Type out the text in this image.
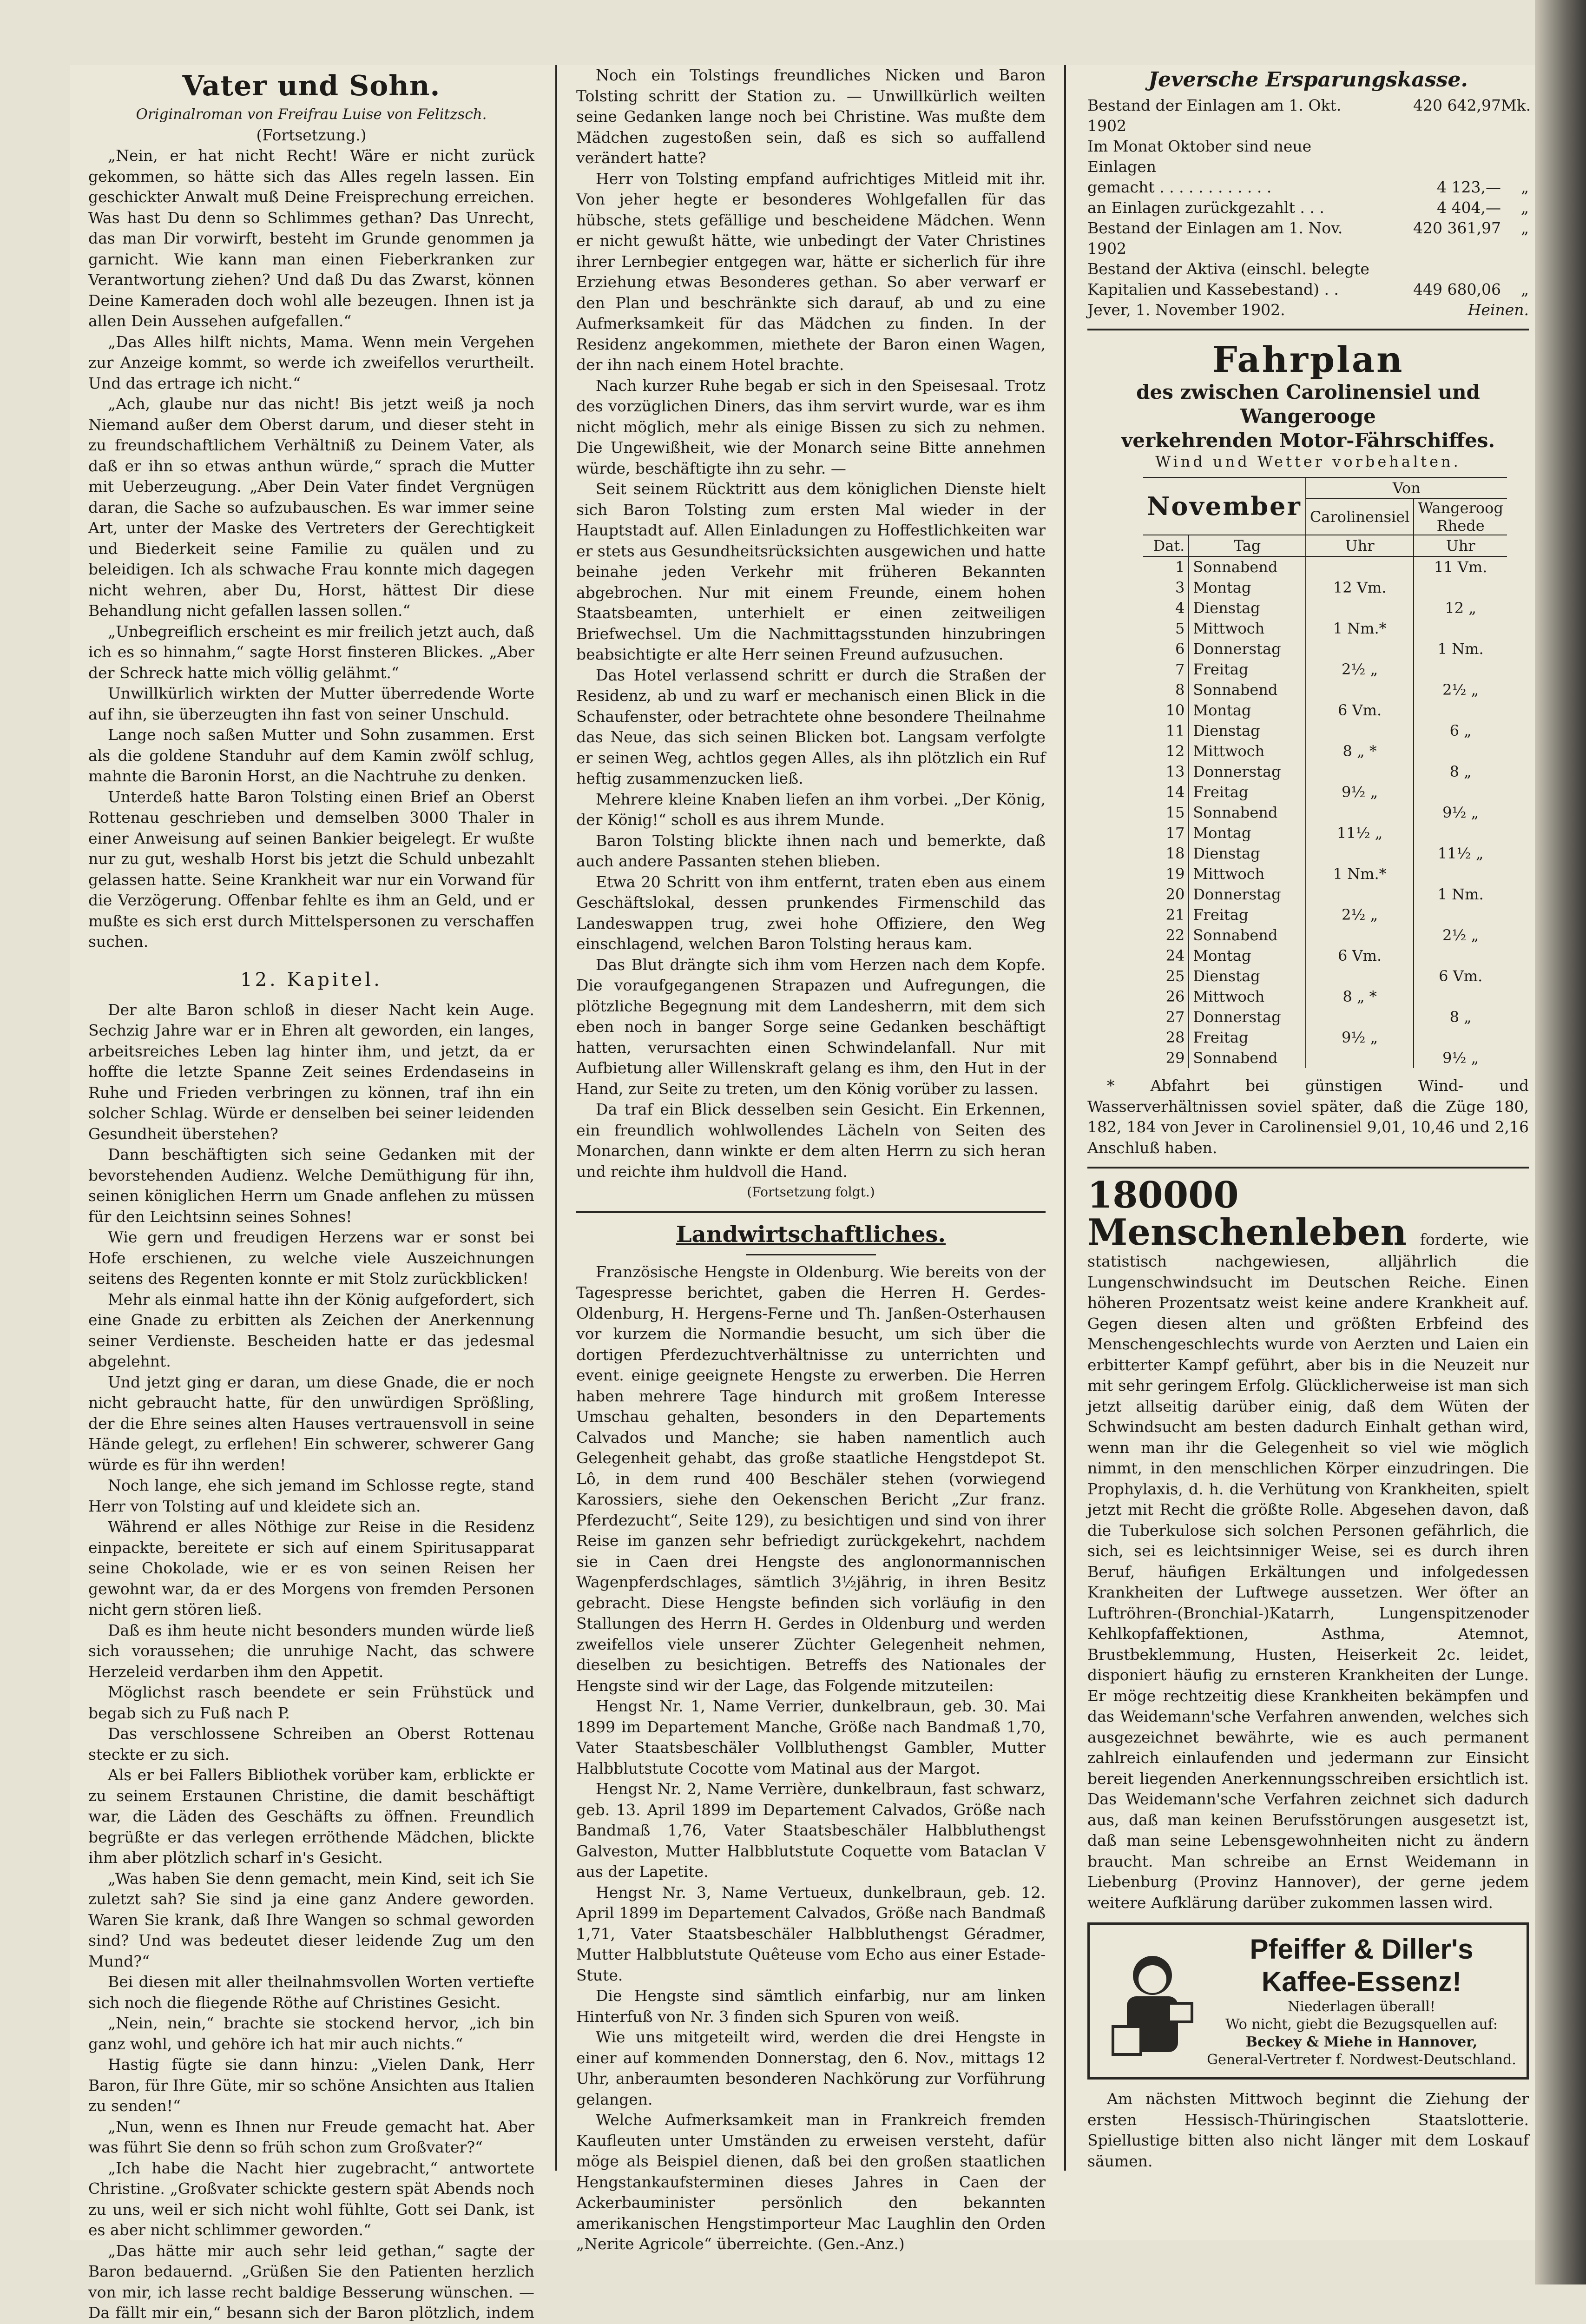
Vater und Sohn.

Originalroman von Freifrau Luise von Felitzsch.

(Fortsetzung.)

„Nein, er hat nicht Recht! Wäre er nicht zurück gekommen, so hätte sich das Alles regeln lassen. Ein geschickter Anwalt muß Deine Freisprechung erreichen. Was hast Du denn so Schlimmes gethan? Das Unrecht, das man Dir vorwirft, besteht im Grunde genommen ja garnicht. Wie kann man einen Fieberkranken zur Verantwortung ziehen? Und daß Du das Zwarst, können Deine Kameraden doch wohl alle bezeugen. Ihnen ist ja allen Dein Aussehen aufgefallen.“

„Das Alles hilft nichts, Mama. Wenn mein Vergehen zur Anzeige kommt, so werde ich zweifellos verurtheilt. Und das ertrage ich nicht.“

„Ach, glaube nur das nicht! Bis jetzt weiß ja noch Niemand außer dem Oberst darum, und dieser steht in zu freundschaftlichem Verhältniß zu Deinem Vater, als daß er ihn so etwas anthun würde,“ sprach die Mutter mit Ueberzeugung. „Aber Dein Vater findet Vergnügen daran, die Sache so aufzubauschen. Es war immer seine Art, unter der Maske des Vertreters der Gerechtigkeit und Biederkeit seine Familie zu quälen und zu beleidigen. Ich als schwache Frau konnte mich dagegen nicht wehren, aber Du, Horst, hättest Dir diese Behandlung nicht gefallen lassen sollen.“

„Unbegreiflich erscheint es mir freilich jetzt auch, daß ich es so hinnahm,“ sagte Horst finsteren Blickes. „Aber der Schreck hatte mich völlig gelähmt.“

Unwillkürlich wirkten der Mutter überredende Worte auf ihn, sie überzeugten ihn fast von seiner Unschuld.

Lange noch saßen Mutter und Sohn zusammen. Erst als die goldene Standuhr auf dem Kamin zwölf schlug, mahnte die Baronin Horst, an die Nachtruhe zu denken.

Unterdeß hatte Baron Tolsting einen Brief an Oberst Rottenau geschrieben und demselben 3000 Thaler in einer Anweisung auf seinen Bankier beigelegt. Er wußte nur zu gut, weshalb Horst bis jetzt die Schuld unbezahlt gelassen hatte. Seine Krankheit war nur ein Vorwand für die Verzögerung. Offenbar fehlte es ihm an Geld, und er mußte es sich erst durch Mittelspersonen zu verschaffen suchen.

12. Kapitel.

Der alte Baron schloß in dieser Nacht kein Auge. Sechzig Jahre war er in Ehren alt geworden, ein langes, arbeitsreiches Leben lag hinter ihm, und jetzt, da er hoffte die letzte Spanne Zeit seines Erdendaseins in Ruhe und Frieden verbringen zu können, traf ihn ein solcher Schlag. Würde er denselben bei seiner leidenden Gesundheit überstehen?

Dann beschäftigten sich seine Gedanken mit der bevorstehenden Audienz. Welche Demüthigung für ihn, seinen königlichen Herrn um Gnade anflehen zu müssen für den Leichtsinn seines Sohnes!

Wie gern und freudigen Herzens war er sonst bei Hofe erschienen, zu welche viele Auszeichnungen seitens des Regenten konnte er mit Stolz zurückblicken!

Mehr als einmal hatte ihn der König aufgefordert, sich eine Gnade zu erbitten als Zeichen der Anerkennung seiner Verdienste. Bescheiden hatte er das jedesmal abgelehnt.

Und jetzt ging er daran, um diese Gnade, die er noch nicht gebraucht hatte, für den unwürdigen Sprößling, der die Ehre seines alten Hauses vertrauensvoll in seine Hände gelegt, zu erflehen! Ein schwerer, schwerer Gang würde es für ihn werden!

Noch lange, ehe sich jemand im Schlosse regte, stand Herr von Tolsting auf und kleidete sich an.

Während er alles Nöthige zur Reise in die Residenz einpackte, bereitete er sich auf einem Spiritusapparat seine Chokolade, wie er es von seinen Reisen her gewohnt war, da er des Morgens von fremden Personen nicht gern stören ließ.

Daß es ihm heute nicht besonders munden würde ließ sich voraussehen; die unruhige Nacht, das schwere Herzeleid verdarben ihm den Appetit.

Möglichst rasch beendete er sein Frühstück und begab sich zu Fuß nach P.

Das verschlossene Schreiben an Oberst Rottenau steckte er zu sich.

Als er bei Fallers Bibliothek vorüber kam, erblickte er zu seinem Erstaunen Christine, die damit beschäftigt war, die Läden des Geschäfts zu öffnen. Freundlich begrüßte er das verlegen erröthende Mädchen, blickte ihm aber plötzlich scharf in's Gesicht.

„Was haben Sie denn gemacht, mein Kind, seit ich Sie zuletzt sah? Sie sind ja eine ganz Andere geworden. Waren Sie krank, daß Ihre Wangen so schmal geworden sind? Und was bedeutet dieser leidende Zug um den Mund?“

Bei diesen mit aller theilnahmsvollen Worten vertiefte sich noch die fliegende Röthe auf Christines Gesicht.

„Nein, nein,“ brachte sie stockend hervor, „ich bin ganz wohl, und gehöre ich hat mir auch nichts.“

Hastig fügte sie dann hinzu: „Vielen Dank, Herr Baron, für Ihre Güte, mir so schöne Ansichten aus Italien zu senden!“

„Nun, wenn es Ihnen nur Freude gemacht hat. Aber was führt Sie denn so früh schon zum Großvater?“

„Ich habe die Nacht hier zugebracht,“ antwortete Christine. „Großvater schickte gestern spät Abends noch zu uns, weil er sich nicht wohl fühlte, Gott sei Dank, ist es aber nicht schlimmer geworden.“

„Das hätte mir auch sehr leid gethan,“ sagte der Baron bedauernd. „Grüßen Sie den Patienten herzlich von mir, ich lasse recht baldige Besserung wünschen. — Da fällt mir ein,“ besann sich der Baron plötzlich, indem

Noch ein Tolstings freundliches Nicken und Baron Tolsting schritt der Station zu. — Unwillkürlich weilten seine Gedanken lange noch bei Christine. Was mußte dem Mädchen zugestoßen sein, daß es sich so auffallend verändert hatte?

Herr von Tolsting empfand aufrichtiges Mitleid mit ihr. Von jeher hegte er besonderes Wohlgefallen für das hübsche, stets gefällige und bescheidene Mädchen. Wenn er nicht gewußt hätte, wie unbedingt der Vater Christines ihrer Lernbegier entgegen war, hätte er sicherlich für ihre Erziehung etwas Besonderes gethan. So aber verwarf er den Plan und beschränkte sich darauf, ab und zu eine Aufmerksamkeit für das Mädchen zu finden. In der Residenz angekommen, miethete der Baron einen Wagen, der ihn nach einem Hotel brachte.

Nach kurzer Ruhe begab er sich in den Speisesaal. Trotz des vorzüglichen Diners, das ihm servirt wurde, war es ihm nicht möglich, mehr als einige Bissen zu sich zu nehmen. Die Ungewißheit, wie der Monarch seine Bitte annehmen würde, beschäftigte ihn zu sehr. —

Seit seinem Rücktritt aus dem königlichen Dienste hielt sich Baron Tolsting zum ersten Mal wieder in der Hauptstadt auf. Allen Einladungen zu Hoffestlichkeiten war er stets aus Gesundheitsrücksichten ausgewichen und hatte beinahe jeden Verkehr mit früheren Bekannten abgebrochen. Nur mit einem Freunde, einem hohen Staatsbeamten, unterhielt er einen zeitweiligen Briefwechsel. Um die Nachmittagsstunden hinzubringen beabsichtigte er alte Herr seinen Freund aufzusuchen.

Das Hotel verlassend schritt er durch die Straßen der Residenz, ab und zu warf er mechanisch einen Blick in die Schaufenster, oder betrachtete ohne besondere Theilnahme das Neue, das sich seinen Blicken bot. Langsam verfolgte er seinen Weg, achtlos gegen Alles, als ihn plötzlich ein Ruf heftig zusammenzucken ließ.

Mehrere kleine Knaben liefen an ihm vorbei. „Der König, der König!“ scholl es aus ihrem Munde.

Baron Tolsting blickte ihnen nach und bemerkte, daß auch andere Passanten stehen blieben.

Etwa 20 Schritt von ihm entfernt, traten eben aus einem Geschäftslokal, dessen prunkendes Firmenschild das Landeswappen trug, zwei hohe Offiziere, den Weg einschlagend, welchen Baron Tolsting heraus kam.

Das Blut drängte sich ihm vom Herzen nach dem Kopfe. Die voraufgegangenen Strapazen und Aufregungen, die plötzliche Begegnung mit dem Landesherrn, mit dem sich eben noch in banger Sorge seine Gedanken beschäftigt hatten, verursachten einen Schwindelanfall. Nur mit Aufbietung aller Willenskraft gelang es ihm, den Hut in der Hand, zur Seite zu treten, um den König vorüber zu lassen.

Da traf ein Blick desselben sein Gesicht. Ein Erkennen, ein freundlich wohlwollendes Lächeln von Seiten des Monarchen, dann winkte er dem alten Herrn zu sich heran und reichte ihm huldvoll die Hand.

(Fortsetzung folgt.)

Landwirtschaftliches.

Französische Hengste in Oldenburg. Wie bereits von der Tagespresse berichtet, gaben die Herren H. Gerdes-Oldenburg, H. Hergens-Ferne und Th. Janßen-Osterhausen vor kurzem die Normandie besucht, um sich über die dortigen Pferdezuchtverhältnisse zu unterrichten und event. einige geeignete Hengste zu erwerben. Die Herren haben mehrere Tage hindurch mit großem Interesse Umschau gehalten, besonders in den Departements Calvados und Manche; sie haben namentlich auch Gelegenheit gehabt, das große staatliche Hengstdepot St. Lô, in dem rund 400 Beschäler stehen (vorwiegend Karossiers, siehe den Oekenschen Bericht „Zur franz. Pferdezucht“, Seite 129), zu besichtigen und sind von ihrer Reise im ganzen sehr befriedigt zurückgekehrt, nachdem sie in Caen drei Hengste des anglonormannischen Wagenpferdschlages, sämtlich 3½jährig, in ihren Besitz gebracht. Diese Hengste befinden sich vorläufig in den Stallungen des Herrn H. Gerdes in Oldenburg und werden zweifellos viele unserer Züchter Gelegenheit nehmen, dieselben zu besichtigen. Betreffs des Nationales der Hengste sind wir der Lage, das Folgende mitzuteilen:

Hengst Nr. 1, Name Verrier, dunkelbraun, geb. 30. Mai 1899 im Departement Manche, Größe nach Bandmaß 1,70, Vater Staatsbeschäler Vollbluthengst Gambler, Mutter Halbblutstute Cocotte vom Matinal aus der Margot.

Hengst Nr. 2, Name Verrière, dunkelbraun, fast schwarz, geb. 13. April 1899 im Departement Calvados, Größe nach Bandmaß 1,76, Vater Staatsbeschäler Halbbluthengst Galveston, Mutter Halbblutstute Coquette vom Bataclan V aus der Lapetite.

Hengst Nr. 3, Name Vertueux, dunkelbraun, geb. 12. April 1899 im Departement Calvados, Größe nach Bandmaß 1,71, Vater Staatsbeschäler Halbbluthengst Géradmer, Mutter Halbblutstute Quêteuse vom Echo aus einer Estade-Stute.

Die Hengste sind sämtlich einfarbig, nur am linken Hinterfuß von Nr. 3 finden sich Spuren von weiß.

Wie uns mitgeteilt wird, werden die drei Hengste in einer auf kommenden Donnerstag, den 6. Nov., mittags 12 Uhr, anberaumten besonderen Nachkörung zur Vorführung gelangen.

Welche Aufmerksamkeit man in Frankreich fremden Kaufleuten unter Umständen zu erweisen versteht, dafür möge als Beispiel dienen, daß bei den großen staatlichen Hengstankaufsterminen dieses Jahres in Caen der Ackerbauminister persönlich den bekannten amerikanischen Hengstimporteur Mac Laughlin den Orden „Nerite Agricole“ überreichte. (Gen.-Anz.)

Jeversche Ersparungskasse.
Bestand der Einlagen am 1. Okt. 1902
420 642,97 Mk.
Im Monat Oktober sind neue Einlagen
gemacht . . . . . . . . . . . .	4 123,—	„
an Einlagen zurückgezahlt . . .	4 404,—	„
Bestand der Einlagen am 1. Nov. 1902
420 361,97	„
Bestand der Aktiva (einschl. belegte
Kapitalien und Kassebestand) . .	449 680,06	„
Jever, 1. November 1902.	Heinen.
Fahrplan
des zwischen Carolinensiel und Wangerooge
verkehrenden Motor-Fährschiffes.
Wind und Wetter vorbehalten.
November		Von	
		Carolinensiel	Wangeroog Rhede
Dat.	Tag	Uhr	Uhr
1	Sonnabend		11 Vm.
3	Montag	12 Vm.	
4	Dienstag		12 „
5	Mittwoch	1 Nm.*	
6	Donnerstag		1 Nm.
7	Freitag	2½ „	
8	Sonnabend		2½ „
10	Montag	6 Vm.	
11	Dienstag		6 „
12	Mittwoch	8 „ *	
13	Donnerstag		8 „
14	Freitag	9½ „	
15	Sonnabend		9½ „
17	Montag	11½ „	
18	Dienstag		11½ „
19	Mittwoch	1 Nm.*	
20	Donnerstag		1 Nm.
21	Freitag	2½ „	
22	Sonnabend		2½ „
24	Montag	6 Vm.	
25	Dienstag		6 Vm.
26	Mittwoch	8 „ *	
27	Donnerstag		8 „
28	Freitag	9½ „	
29	Sonnabend		9½ „

* Abfahrt bei günstigen Wind- und Wasserverhältnissen soviel später, daß die Züge 180, 182, 184 von Jever in Carolinensiel 9,01, 10,46 und 2,16 Anschluß haben.

180000 Menschenleben forderte, wie statistisch nachgewiesen, alljährlich die Lungenschwindsucht im Deutschen Reiche. Einen höheren Prozentsatz weist keine andere Krankheit auf. Gegen diesen alten und größten Erbfeind des Menschengeschlechts wurde von Aerzten und Laien ein erbitterter Kampf geführt, aber bis in die Neuzeit nur mit sehr geringem Erfolg. Glücklicherweise ist man sich jetzt allseitig darüber einig, daß dem Wüten der Schwindsucht am besten dadurch Einhalt gethan wird, wenn man ihr die Gelegenheit so viel wie möglich nimmt, in den menschlichen Körper einzudringen. Die Prophylaxis, d. h. die Verhütung von Krankheiten, spielt jetzt mit Recht die größte Rolle. Abgesehen davon, daß die Tuberkulose sich solchen Personen gefährlich, die sich, sei es leichtsinniger Weise, sei es durch ihren Beruf, häufigen Erkältungen und infolgedessen Krankheiten der Luftwege aussetzen. Wer öfter an Luftröhren-(Bronchial-)Katarrh, Lungenspitzenoder Kehlkopfaffektionen, Asthma, Atemnot, Brustbeklemmung, Husten, Heiserkeit 2c. leidet, disponiert häufig zu ernsteren Krankheiten der Lunge. Er möge rechtzeitig diese Krankheiten bekämpfen und das Weidemann'sche Verfahren anwenden, welches sich ausgezeichnet bewährte, wie es auch permanent zahlreich einlaufenden und jedermann zur Einsicht bereit liegenden Anerkennungsschreiben ersichtlich ist. Das Weidemann'sche Verfahren zeichnet sich dadurch aus, daß man keinen Berufsstörungen ausgesetzt ist, daß man seine Lebensgewohnheiten nicht zu ändern braucht. Man schreibe an Ernst Weidemann in Liebenburg (Provinz Hannover), der gerne jedem weitere Aufklärung darüber zukommen lassen wird.

Pfeiffer & Diller's
Kaffee-Essenz!
Niederlagen überall!
Wo nicht, giebt die Bezugsquellen auf:
Beckey & Miehe in Hannover,
General-Vertreter f. Nordwest-Deutschland.

Am nächsten Mittwoch beginnt die Ziehung der ersten Hessisch-Thüringischen Staatslotterie. Spiellustige bitten also nicht länger mit dem Loskauf säumen.
